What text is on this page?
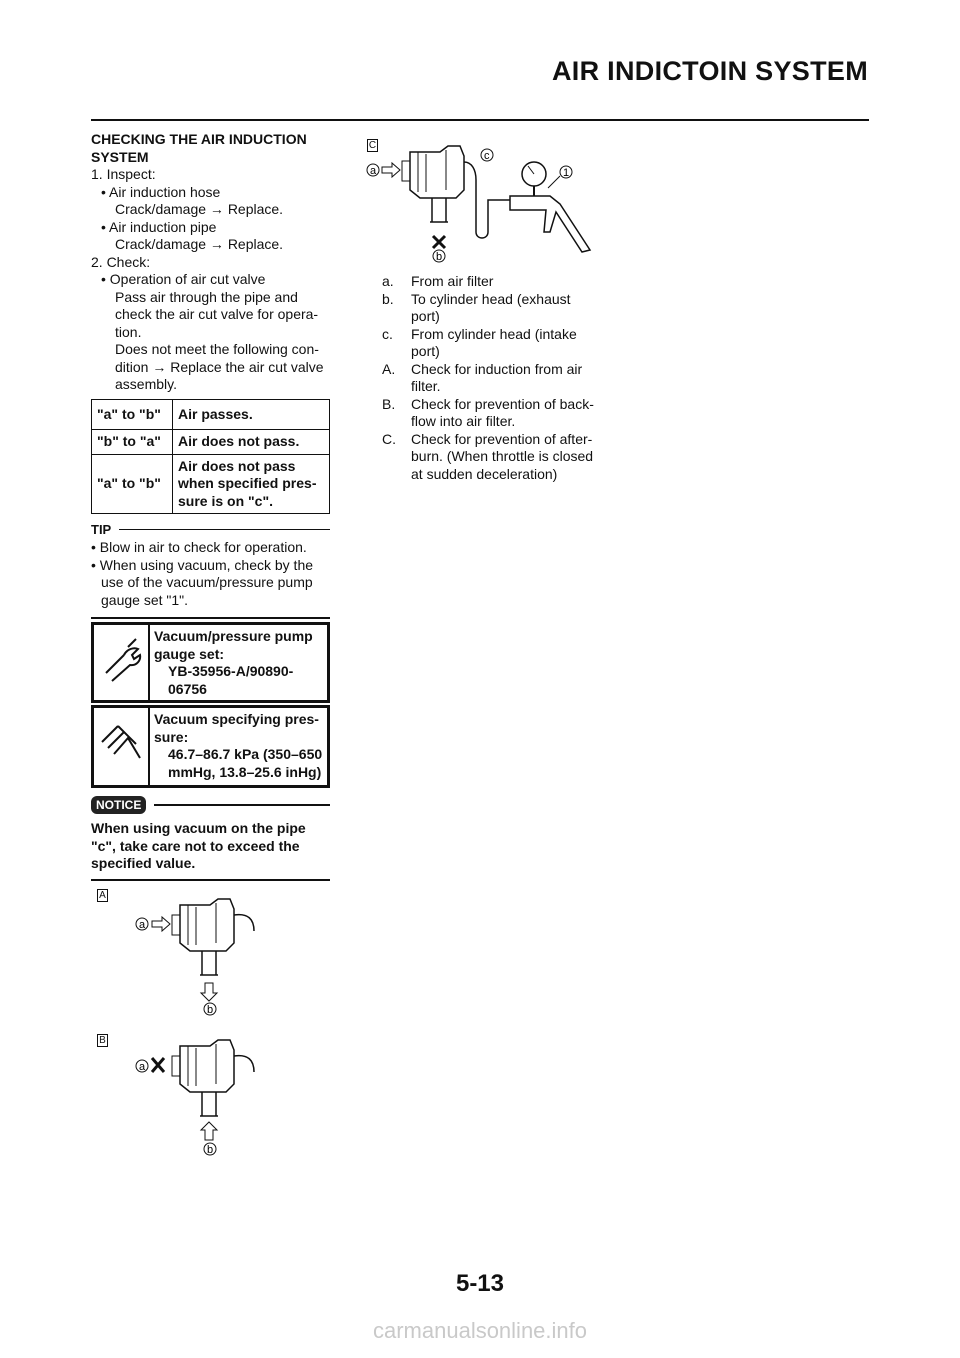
AIR INDICTOIN SYSTEM
CHECKING THE AIR INDUCTION
SYSTEM
1. Inspect:
• Air induction hose
Crack/damage → Replace.
• Air induction pipe
Crack/damage → Replace.
2. Check:
• Operation of air cut valve
Pass air through the pipe and
check the air cut valve for opera-
tion.
Does not meet the following con-
dition → Replace the air cut valve
assembly.
"a" to "b"	Air passes.
"b" to "a"	Air does not pass.
"a" to "b"	Air does not pass
when specified pres-
sure is on "c".
TIP
• Blow in air to check for operation.
• When using vacuum, check by the
use of the vacuum/pressure pump
gauge set "1".
Vacuum/pressure pump
gauge set:
YB-35956-A/90890-
06756
Vacuum specifying pres-
sure:
46.7–86.7 kPa (350–650
mmHg, 13.8–25.6 inHg)
NOTICE
When using vacuum on the pipe
"c", take care not to exceed the
specified value.
A
a
b
B
a
b
C
a
c
b
1
a. From air filter
b. To cylinder head (exhaust
port)
c. From cylinder head (intake
port)
A. Check for induction from air
filter.
B. Check for prevention of back-
flow into air filter.
C. Check for prevention of after-
burn. (When throttle is closed
at sudden deceleration)
5-13
carmanualsonline.info
